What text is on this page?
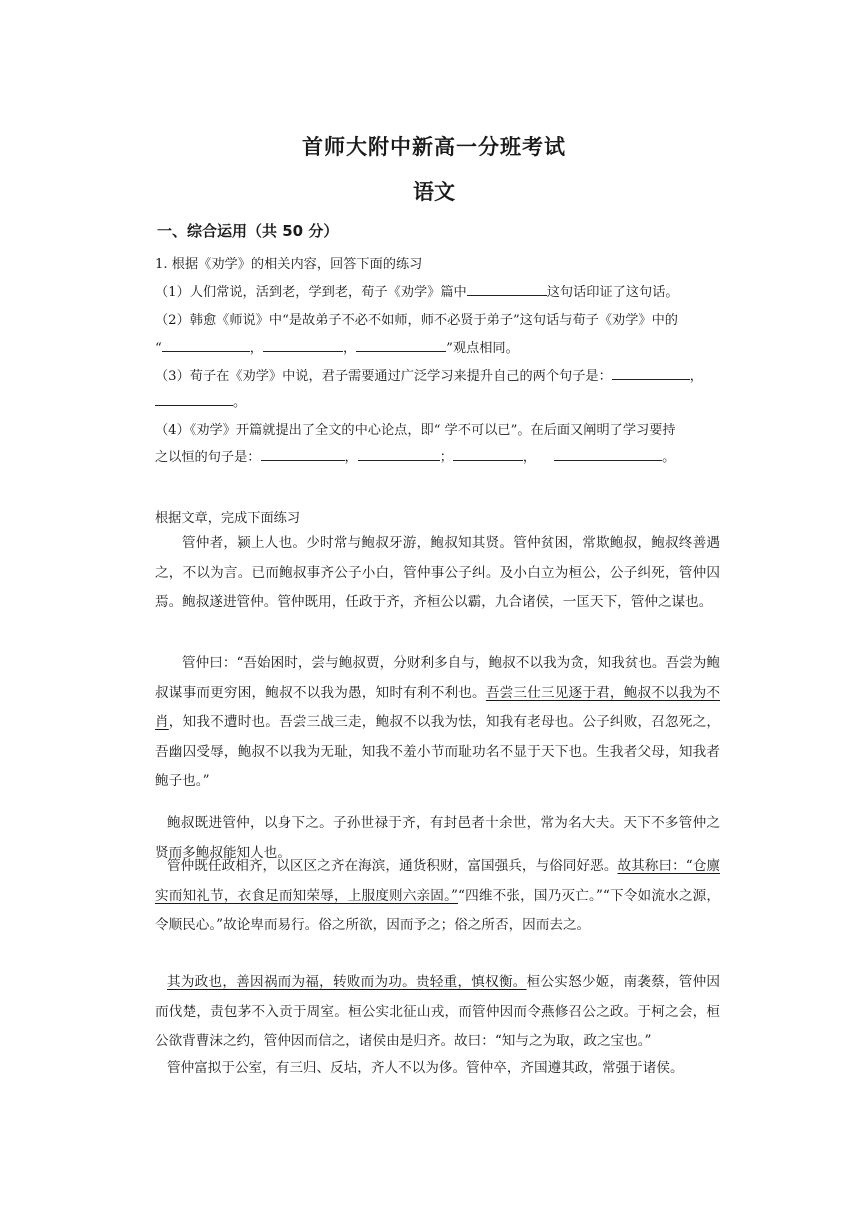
首师大附中新高一分班考试
语文
一、综合运用（共 50 分）
1. 根据《劝学》的相关内容，回答下面的练习
（1）人们常说，活到老，学到老，荀子《劝学》篇中	这句话印证了这句话。
（2）韩愈《师说》中“是故弟子不必不如师，师不必贤于弟子”这句话与荀子《劝学》中的
“	，	，	”观点相同。
（3）荀子在《劝学》中说，君子需要通过广泛学习来提升自己的两个句子是：	，
。
（4）《劝学》开篇就提出了全文的中心论点，即“ 学不可以已”。在后面又阐明了学习要持
之以恒的句子是：	，	；	，	。
根据文章，完成下面练习

管仲者，颍上人也。少时常与鲍叔牙游，鲍叔知其贤。管仲贫困，常欺鲍叔，鲍叔终善遇之，不以为言。已而鲍叔事齐公子小白，管仲事公子纠。及小白立为桓公，公子纠死，管仲囚焉。鲍叔遂进管仲。管仲既用，任政于齐，齐桓公以霸，九合诸侯，一匡天下，管仲之谋也。

管仲曰：“吾始困时，尝与鲍叔贾，分财利多自与，鲍叔不以我为贪，知我贫也。吾尝为鲍叔谋事而更穷困，鲍叔不以我为愚，知时有利不利也。吾尝三仕三见逐于君，鲍叔不以我为不肖，知我不遭时也。吾尝三战三走，鲍叔不以我为怯，知我有老母也。公子纠败，召忽死之，吾幽囚受辱，鲍叔不以我为无耻，知我不羞小节而耻功名不显于天下也。生我者父母，知我者鲍子也。”

鲍叔既进管仲，以身下之。子孙世禄于齐，有封邑者十余世，常为名大夫。天下不多管仲之贤而多鲍叔能知人也。

管仲既任政相齐，以区区之齐在海滨，通货积财，富国强兵，与俗同好恶。故其称曰：“仓廪实而知礼节，衣食足而知荣辱，上服度则六亲固。”“四维不张，国乃灭亡。”“下令如流水之源，令顺民心。”故论卑而易行。俗之所欲，因而予之；俗之所否，因而去之。

其为政也，善因祸而为福，转败而为功。贵轻重，慎权衡。桓公实怒少姬，南袭蔡，管仲因而伐楚，责包茅不入贡于周室。桓公实北征山戎，而管仲因而令燕修召公之政。于柯之会，桓公欲背曹沫之约，管仲因而信之，诸侯由是归齐。故曰：“知与之为取，政之宝也。”

管仲富拟于公室，有三归、反坫，齐人不以为侈。管仲卒，齐国遵其政，常强于诸侯。
